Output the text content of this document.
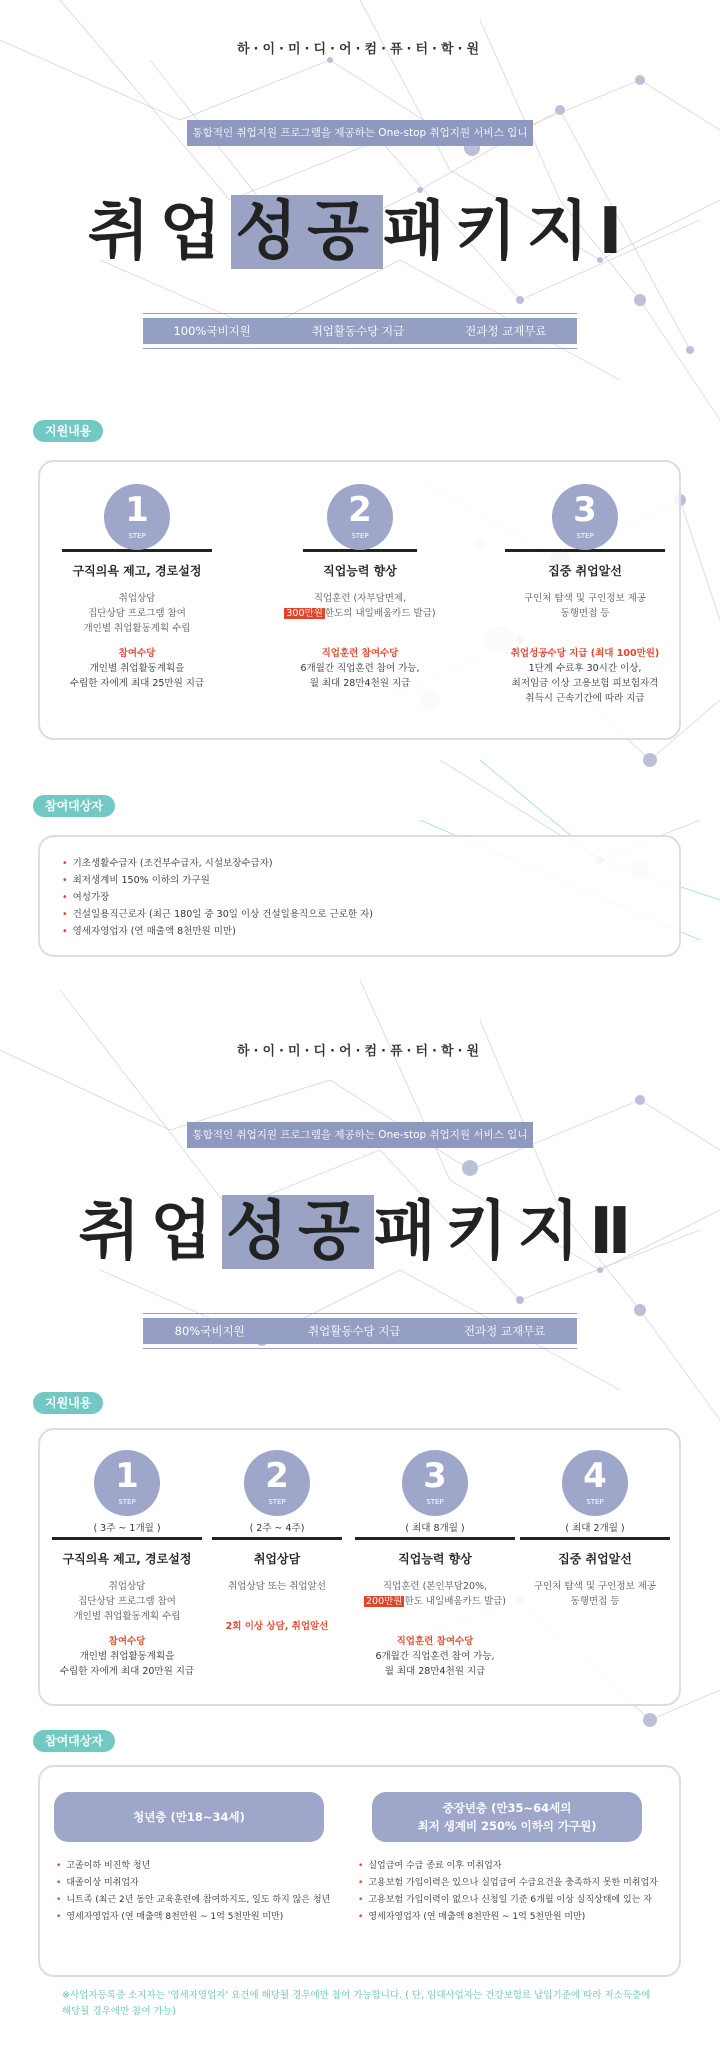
하·이·미·디·어·컴·퓨·터·학·원
통합적인 취업지원 프로그램을 제공하는 One-stop 취업지원 서비스 입니다.
취업성공패키지Ⅰ
100%국비지원	취업활동수당 지급	전과정 교재무료
지원내용
1
STEP
구직의욕 제고, 경로설정
취업상담
집단상담 프로그램 참여
개인별 취업활동계획 수립
참여수당
개인별 취업활동계획을
수립한 자에게 최대 25만원 지급
2
STEP
직업능력 향상
직업훈련 (자부담면제,
300만원 한도의 내일배움카드 발급)
직업훈련 참여수당
6개월간 직업훈련 참여 가능,
월 최대 28만4천원 지급
3
STEP
집중 취업알선
구인처 탐색 및 구인정보 제공
동행면접 등
취업성공수당 지급 (최대 100만원)
1단계 수료후 30시간 이상,
최저임금 이상 고용보험 피보험자격
취득시 근속기간에 따라 지급
참여대상자
• 기초생활수급자 (조건부수급자, 시설보장수급자)
• 최저생계비 150% 이하의 가구원
• 여성가장
• 건설일용직근로자 (최근 180일 중 30일 이상 건설일용직으로 근로한 자)
• 영세자영업자 (연 매출액 8천만원 미만)
하·이·미·디·어·컴·퓨·터·학·원
통합적인 취업지원 프로그램을 제공하는 One-stop 취업지원 서비스 입니다.
취업성공패키지Ⅱ
80%국비지원	취업활동수당 지급	전과정 교재무료
지원내용
1
STEP
( 3주 ~ 1개월 )
구직의욕 제고, 경로설정
취업상담
집단상담 프로그램 참여
개인별 취업활동계획 수립
참여수당
개인별 취업활동계획을
수립한 자에게 최대 20만원 지급
2
STEP
( 2주 ~ 4주)
취업상담
취업상담 또는 취업알선
2회 이상 상담, 취업알선
3
STEP
( 최대 8개월 )
직업능력 향상
직업훈련 (본인부담20%,
200만원 한도 내일배움카드 발급)
직업훈련 참여수당
6개월간 직업훈련 참여 가능,
월 최대 28만4천원 지급
4
STEP
( 최대 2개월 )
집중 취업알선
구인처 탐색 및 구인정보 제공
동행면접 등
참여대상자
청년층 (만18~34세)
중장년층 (만35~64세의
최저 생계비 250% 이하의 가구원)
• 고졸이하 비진학 청년
• 대졸이상 미취업자
• 니트족 (최근 2년 동안 교육훈련에 참여하지도, 일도 하지 않은 청년
• 영세자영업자 (연 매출액 8천만원 ~ 1억 5천만원 미만)
• 실업급여 수급 종료 이후 미취업자
• 고용보험 가입이력은 있으나 실업급여 수급요건을 충족하지 못한 미취업자
• 고용보험 가입이력이 없으나 신청일 기준 6개월 이상 실직상태에 있는 자
• 영세자영업자 (연 매출액 8천만원 ~ 1억 5천만원 미만)
※사업자등록증 소지자는 '영세자영업자' 요건에 해당될 경우에만 참여 가능합니다. ( 단, 임대사업자는 건강보험료 납입기준에 따라 저소득층에
해당될 경우에만 참여 가능)
